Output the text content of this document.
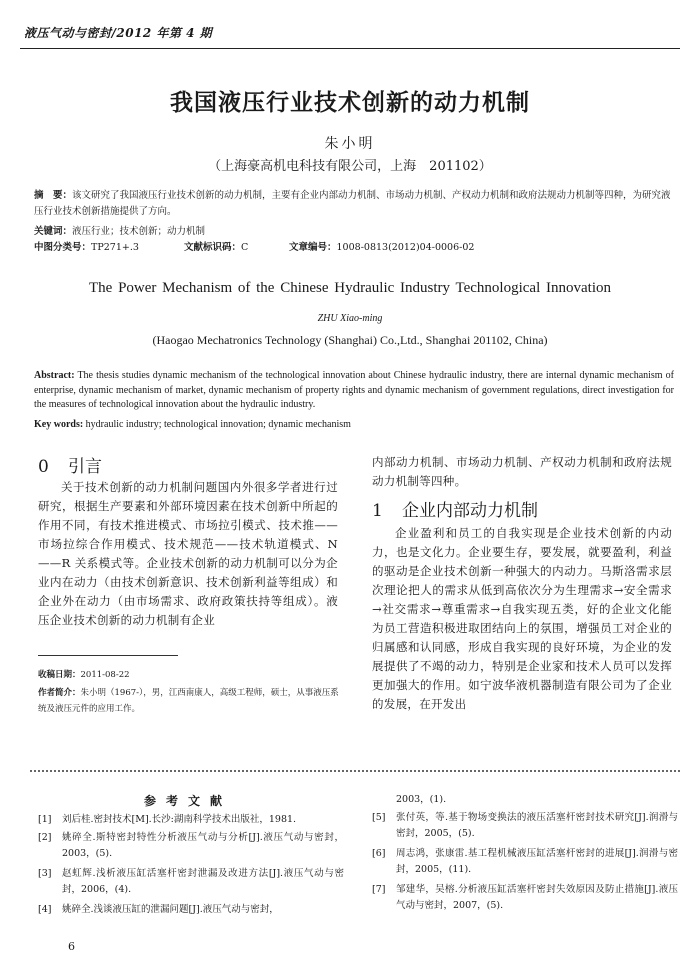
液压气动与密封/2012 年第 4 期
我国液压行业技术创新的动力机制
朱小明
（上海豪高机电科技有限公司，上海　201102）
摘　要：该文研究了我国液压行业技术创新的动力机制，主要有企业内部动力机制、市场动力机制、产权动力机制和政府法规动力机制等四种，为研究液压行业技术创新措施提供了方向。
关键词：液压行业；技术创新；动力机制
中图分类号：TP271+.3	文献标识码：C	文章编号：1008-0813(2012)04-0006-02
The Power Mechanism of the Chinese Hydraulic Industry Technological Innovation
ZHU Xiao-ming
(Haogao Mechatronics Technology (Shanghai) Co.,Ltd., Shanghai 201102, China)
Abstract: The thesis studies dynamic mechanism of the technological innovation about Chinese hydraulic industry, there are internal dynamic mechanism of enterprise, dynamic mechanism of market, dynamic mechanism of property rights and dynamic mechanism of government regulations, direct investigation for the measures of technological innovation about the hydraulic industry.
Key words: hydraulic industry; technological innovation; dynamic mechanism
0 引言
关于技术创新的动力机制问题国内外很多学者进行过研究，根据生产要素和外部环境因素在技术创新中所起的作用不同，有技术推进模式、市场拉引模式、技术推——市场拉综合作用模式、技术规范——技术轨道模式、N——R 关系模式等。企业技术创新的动力机制可以分为企业内在动力（由技术创新意识、技术创新利益等组成）和企业外在动力（由市场需求、政府政策扶持等组成）。液压企业技术创新的动力机制有企业
内部动力机制、市场动力机制、产权动力机制和政府法规动力机制等四种。
1 企业内部动力机制
企业盈利和员工的自我实现是企业技术创新的内动力，也是文化力。企业要生存，要发展，就要盈利，利益的驱动是企业技术创新一种强大的内动力。马斯洛需求层次理论把人的需求从低到高依次分为生理需求→安全需求→社交需求→尊重需求→自我实现五类，好的企业文化能为员工营造积极进取团结向上的氛围，增强员工对企业的归属感和认同感，形成自我实现的良好环境，为企业的发展提供了不竭的动力，特别是企业家和技术人员可以发挥更加强大的作用。如宁波华液机器制造有限公司为了企业的发展，在开发出
收稿日期：2011-08-22
作者简介：朱小明（1967-），男，江西南康人，高级工程师，硕士，从事液压系统及液压元件的应用工作。
参考文献
[1]	刘后桂.密封技术[M].长沙:湖南科学技术出版社，1981.
[2]	姚碎全.斯特密封特性分析液压气动与分析[J].液压气动与密封，2003，(5).
[3]	赵虹辉.浅析液压缸活塞杆密封泄漏及改进方法[J].液压气动与密封，2006，(4).
[4]	姚碎全.浅谈液压缸的泄漏问题[J].液压气动与密封，
2003，(1).
[5]	张付英，等.基于物场变换法的液压活塞杆密封技术研究[J].润滑与密封，2005，(5).
[6]	周志鸿，张康雷.基工程机械液压缸活塞杆密封的进展[J].润滑与密封，2005，(11).
[7]	邹建华，吴榕.分析液压缸活塞杆密封失效原因及防止措施[J].液压气动与密封，2007，(5).
6
